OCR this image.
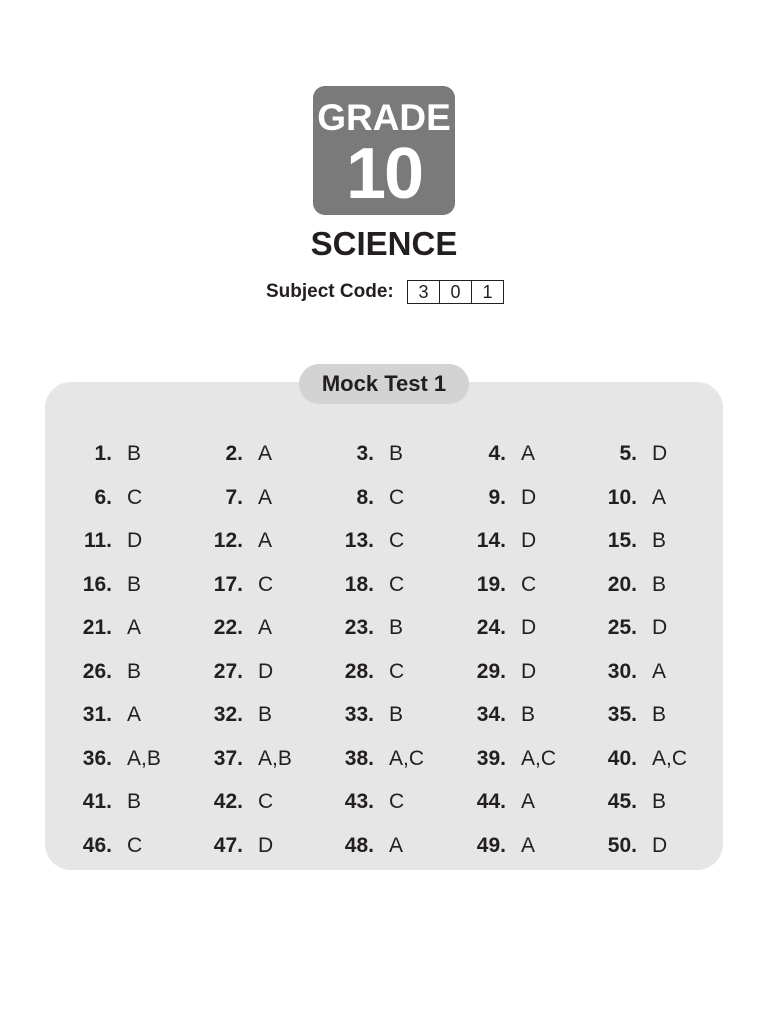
GRADE
10
SCIENCE
Subject Code:	3	0	1
Mock Test 1
1. B	2. A	3. B	4. A	5. D
6. C	7. A	8. C	9. D	10. A
11. D	12. A	13. C	14. D	15. B
16. B	17. C	18. C	19. C	20. B
21. A	22. A	23. B	24. D	25. D
26. B	27. D	28. C	29. D	30. A
31. A	32. B	33. B	34. B	35. B
36. A,B	37. A,B	38. A,C	39. A,C	40. A,C
41. B	42. C	43. C	44. A	45. B
46. C	47. D	48. A	49. A	50. D
